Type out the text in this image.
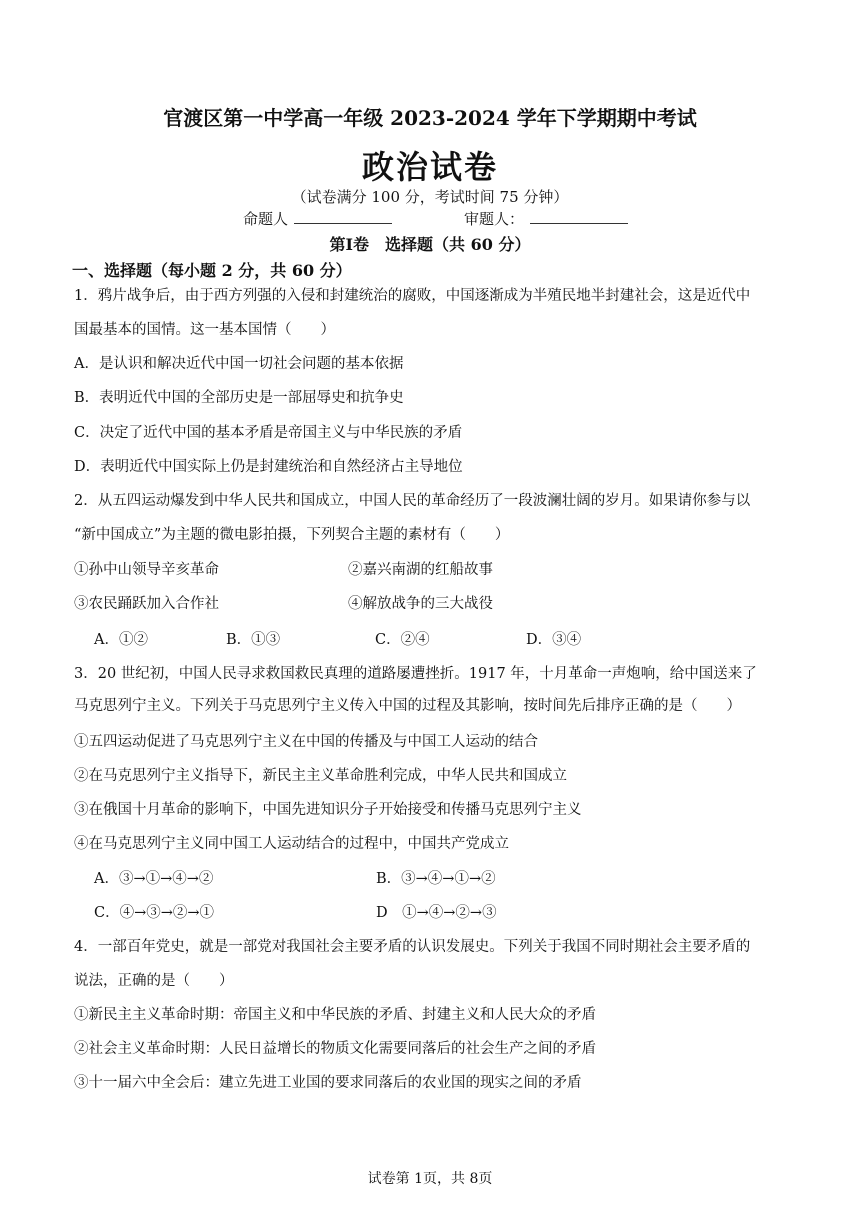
官渡区第一中学高一年级 2023-2024 学年下学期期中考试
政治试卷
（试卷满分 100 分，考试时间 75 分钟）
命题人	审题人：
第Ⅰ卷　选择题（共 60 分）
一、选择题（每小题 2 分，共 60 分）
1．鸦片战争后，由于西方列强的入侵和封建统治的腐败，中国逐渐成为半殖民地半封建社会，这是近代中
国最基本的国情。这一基本国情（　　）
A．是认识和解决近代中国一切社会问题的基本依据
B．表明近代中国的全部历史是一部屈辱史和抗争史
C．决定了近代中国的基本矛盾是帝国主义与中华民族的矛盾
D．表明近代中国实际上仍是封建统治和自然经济占主导地位
2．从五四运动爆发到中华人民共和国成立，中国人民的革命经历了一段波澜壮阔的岁月。如果请你参与以
“新中国成立”为主题的微电影拍摄，下列契合主题的素材有（　　）
①孙中山领导辛亥革命	②嘉兴南湖的红船故事
③农民踊跃加入合作社	④解放战争的三大战役
A．①②	B．①③	C．②④	D．③④
3．20 世纪初，中国人民寻求救国救民真理的道路屡遭挫折。1917 年，十月革命一声炮响，给中国送来了
马克思列宁主义。下列关于马克思列宁主义传入中国的过程及其影响，按时间先后排序正确的是（　　）
①五四运动促进了马克思列宁主义在中国的传播及与中国工人运动的结合
②在马克思列宁主义指导下，新民主主义革命胜利完成，中华人民共和国成立
③在俄国十月革命的影响下，中国先进知识分子开始接受和传播马克思列宁主义
④在马克思列宁主义同中国工人运动结合的过程中，中国共产党成立
A．③→①→④→②	B．③→④→①→②
C．④→③→②→①	D　①→④→②→③
4．一部百年党史，就是一部党对我国社会主要矛盾的认识发展史。下列关于我国不同时期社会主要矛盾的
说法，正确的是（　　）
①新民主主义革命时期：帝国主义和中华民族的矛盾、封建主义和人民大众的矛盾
②社会主义革命时期：人民日益增长的物质文化需要同落后的社会生产之间的矛盾
③十一届六中全会后：建立先进工业国的要求同落后的农业国的现实之间的矛盾
试卷第 1页，共 8页
